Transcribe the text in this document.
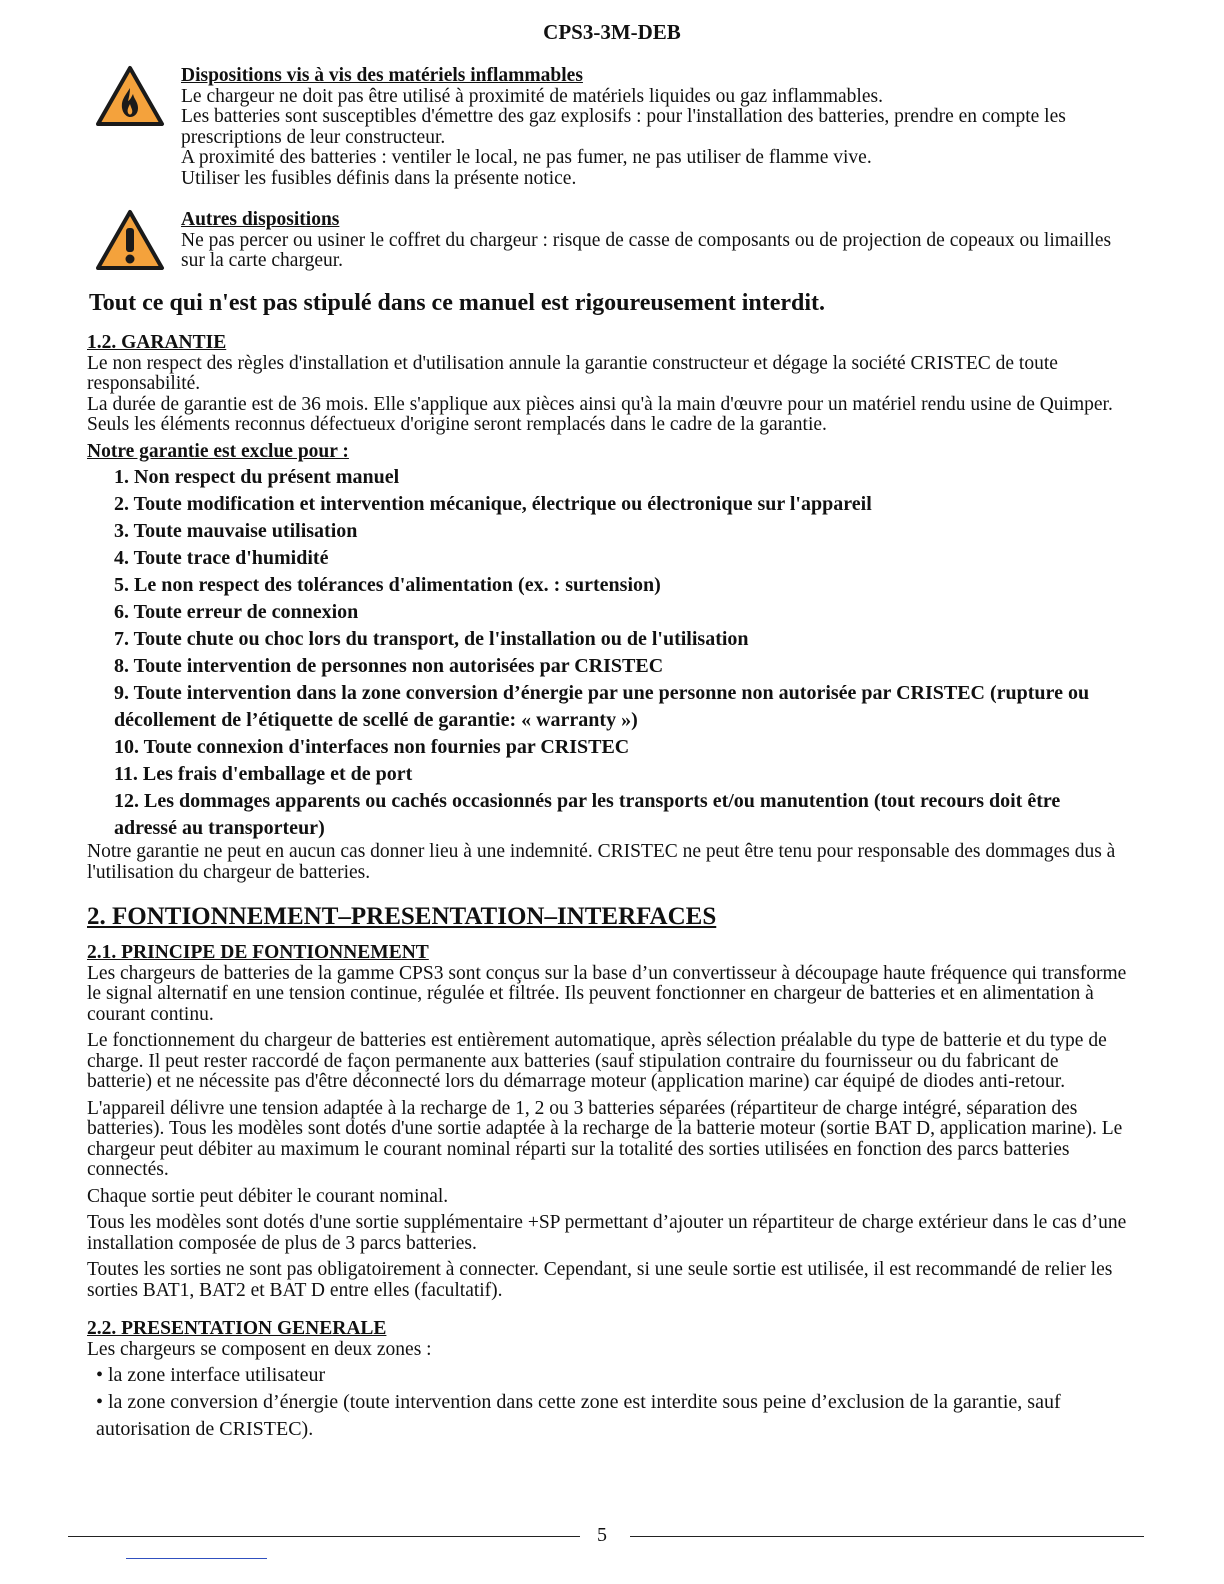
CPS3-3M-DEB
Dispositions vis à vis des matériels inflammables
Le chargeur ne doit pas être utilisé à proximité de matériels liquides ou gaz inflammables.
Les batteries sont susceptibles d'émettre des gaz explosifs : pour l'installation des batteries, prendre en compte les prescriptions de leur constructeur.
A proximité des batteries : ventiler le local, ne pas fumer, ne pas utiliser de flamme vive.
Utiliser les fusibles définis dans la présente notice.
Autres dispositions
Ne pas percer ou usiner le coffret du chargeur : risque de casse de composants ou de projection de copeaux ou limailles sur la carte chargeur.
Tout ce qui n'est pas stipulé dans ce manuel est rigoureusement interdit.
1.2. GARANTIE

Le non respect des règles d'installation et d'utilisation annule la garantie constructeur et dégage la société CRISTEC de toute responsabilité.

La durée de garantie est de 36 mois. Elle s'applique aux pièces ainsi qu'à la main d'œuvre pour un matériel rendu usine de Quimper. Seuls les éléments reconnus défectueux d'origine seront remplacés dans le cadre de la garantie.

Notre garantie est exclue pour :
1. Non respect du présent manuel
2. Toute modification et intervention mécanique, électrique ou électronique sur l'appareil
3. Toute mauvaise utilisation
4. Toute trace d'humidité
5. Le non respect des tolérances d'alimentation (ex. : surtension)
6. Toute erreur de connexion
7. Toute chute ou choc lors du transport, de l'installation ou de l'utilisation
8. Toute intervention de personnes non autorisées par CRISTEC
9. Toute intervention dans la zone conversion d’énergie par une personne non autorisée par CRISTEC (rupture ou décollement de l’étiquette de scellé de garantie: « warranty »)
10. Toute connexion d'interfaces non fournies par CRISTEC
11. Les frais d'emballage et de port
12. Les dommages apparents ou cachés occasionnés par les transports et/ou manutention (tout recours doit être adressé au transporteur)

Notre garantie ne peut en aucun cas donner lieu à une indemnité. CRISTEC ne peut être tenu pour responsable des dommages dus à l'utilisation du chargeur de batteries.

2. FONTIONNEMENT–PRESENTATION–INTERFACES
2.1. PRINCIPE DE FONTIONNEMENT

Les chargeurs de batteries de la gamme CPS3 sont conçus sur la base d’un convertisseur à découpage haute fréquence qui transforme le signal alternatif en une tension continue, régulée et filtrée. Ils peuvent fonctionner en chargeur de batteries et en alimentation à courant continu.

Le fonctionnement du chargeur de batteries est entièrement automatique, après sélection préalable du type de batterie et du type de charge. Il peut rester raccordé de façon permanente aux batteries (sauf stipulation contraire du fournisseur ou du fabricant de batterie) et ne nécessite pas d'être déconnecté lors du démarrage moteur (application marine) car équipé de diodes anti-retour.

L'appareil délivre une tension adaptée à la recharge de 1, 2 ou 3 batteries séparées (répartiteur de charge intégré, séparation des batteries). Tous les modèles sont dotés d'une sortie adaptée à la recharge de la batterie moteur (sortie BAT D, application marine). Le chargeur peut débiter au maximum le courant nominal réparti sur la totalité des sorties utilisées en fonction des parcs batteries connectés.

Chaque sortie peut débiter le courant nominal.

Tous les modèles sont dotés d'une sortie supplémentaire +SP permettant d’ajouter un répartiteur de charge extérieur dans le cas d’une installation composée de plus de 3 parcs batteries.

Toutes les sorties ne sont pas obligatoirement à connecter. Cependant, si une seule sortie est utilisée, il est recommandé de relier les sorties BAT1, BAT2 et BAT D entre elles (facultatif).

2.2. PRESENTATION GENERALE

Les chargeurs se composent en deux zones :

• la zone interface utilisateur
• la zone conversion d’énergie (toute intervention dans cette zone est interdite sous peine d’exclusion de la garantie, sauf autorisation de CRISTEC).
5
